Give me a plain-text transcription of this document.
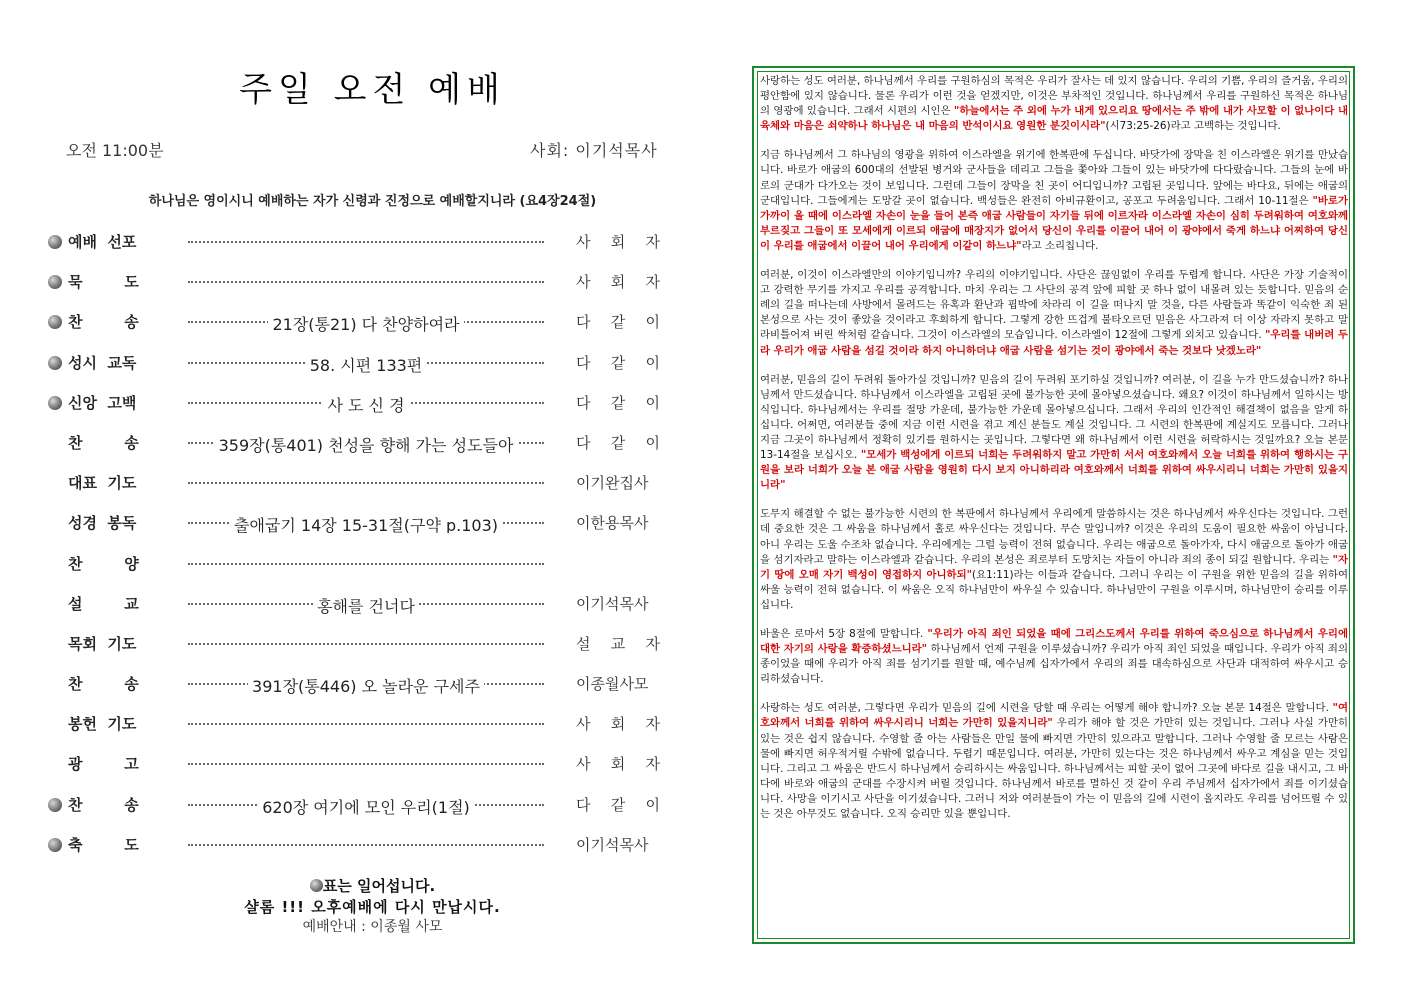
주일 오전 예배
오전 11:00분	사회: 이기석목사
하나님은 영이시니 예배하는 자가 신령과 진정으로 예배할지니라 (요4장24절)
예배  선포	사 회 자
묵        도	사 회 자
찬        송	21장(통21) 다 찬양하여라	다 같 이
성시  교독	58. 시편 133편	다 같 이
신앙  고백	사 도 신 경	다 같 이
찬        송	359장(통401) 천성을 향해 가는 성도들아	다 같 이
대표  기도	이기완집사
성경  봉독	출애굽기 14장 15-31절(구약 p.103)	이한용목사
찬        양
설        교	홍해를 건너다	이기석목사
목회  기도	설 교 자
찬        송	391장(통446) 오 놀라운 구세주	이종월사모
봉헌  기도	사 회 자
광        고	사 회 자
찬        송	620장 여기에 모인 우리(1절)	다 같 이
축        도	이기석목사
표는 일어섭니다.
샬롬 !!! 오후예배에 다시 만납시다.
예배안내 : 이종월 사모

사랑하는 성도 여러분, 하나님께서 우리를 구원하심의 목적은 우리가 잘사는 데 있지 않습니다. 우리의 기쁨, 우리의 즐거움, 우리의 평안함에 있지 않습니다. 물론 우리가 이런 것을 얻겠지만, 이것은 부차적인 것입니다. 하나님께서 우리를 구원하신 목적은 하나님의 영광에 있습니다. 그래서 시편의 시인은 "하늘에서는 주 외에 누가 내게 있으리요 땅에서는 주 밖에 내가 사모할 이 없나이다 내 육체와 마음은 쇠약하나 하나님은 내 마음의 반석이시요 영원한 분깃이시라"(시73:25-26)라고 고백하는 것입니다.

지금 하나님께서 그 하나님의 영광을 위하여 이스라엘을 위기에 한복판에 두십니다. 바닷가에 장막을 친 이스라엘은 위기를 만났습니다. 바로가 애굽의 600대의 선발된 병거와 군사들을 데리고 그들을 쫓아와 그들이 있는 바닷가에 다다랐습니다. 그들의 눈에 바로의 군대가 다가오는 것이 보입니다. 그런데 그들이 장막을 친 곳이 어디입니까? 고립된 곳입니다. 앞에는 바다요, 뒤에는 애굽의 군대입니다. 그들에게는 도망갈 곳이 없습니다. 백성들은 완전히 아비규환이고, 공포고 두려움입니다. 그래서 10-11절은 "바로가 가까이 올 때에 이스라엘 자손이 눈을 들어 본즉 애굽 사람들이 자기들 뒤에 이르자라 이스라엘 자손이 심히 두려워하여 여호와께 부르짖고 그들이 또 모세에게 이르되 애굽에 매장지가 없어서 당신이 우리를 이끌어 내어 이 광야에서 죽게 하느냐 어찌하여 당신이 우리를 애굽에서 이끌어 내어 우리에게 이같이 하느냐"라고 소리칩니다.

여러분, 이것이 이스라엘만의 이야기입니까? 우리의 이야기입니다. 사단은 끊임없이 우리를 두렵게 합니다. 사단은 가장 기술적이고 강력한 무기를 가지고 우리를 공격합니다. 마치 우리는 그 사단의 공격 앞에 피할 곳 하나 없이 내몰려 있는 듯합니다. 믿음의 순례의 길을 떠나는데 사방에서 몰려드는 유혹과 환난과 핍박에 차라리 이 길을 떠나지 말 것을, 다른 사람들과 똑같이 익숙한 죄 된 본성으로 사는 것이 좋았을 것이라고 후회하게 합니다. 그렇게 강한 뜨겁게 불타오르던 믿음은 사그라져 더 이상 자라지 못하고 말라비틀어져 버린 싹처럼 같습니다. 그것이 이스라엘의 모습입니다. 이스라엘이 12절에 그렇게 외치고 있습니다. "우리를 내버려 두라 우리가 애굽 사람을 섬길 것이라 하지 아니하더냐 애굽 사람을 섬기는 것이 광야에서 죽는 것보다 낫겠노라"

여러분, 믿음의 길이 두려워 돌아가실 것입니까? 믿음의 길이 두려워 포기하실 것입니까? 여러분, 이 길을 누가 만드셨습니까? 하나님께서 만드셨습니다. 하나님께서 이스라엘을 고립된 곳에 불가능한 곳에 몰아넣으셨습니다. 왜요? 이것이 하나님께서 일하시는 방식입니다. 하나님께서는 우리를 절망 가운데, 불가능한 가운데 몰아넣으십니다. 그래서 우리의 인간적인 해결책이 없음을 알게 하십니다. 어쩌면, 여러분들 중에 지금 이런 시련을 겪고 계신 분들도 계실 것입니다. 그 시련의 한복판에 계실지도 모릅니다. 그러나 지금 그곳이 하나님께서 정확히 있기를 원하시는 곳입니다. 그렇다면 왜 하나님께서 이런 시련을 허락하시는 것일까요? 오늘 본문 13-14절을 보십시오. "모세가 백성에게 이르되 너희는 두려워하지 말고 가만히 서서 여호와께서 오늘 너희를 위하여 행하시는 구원을 보라 너희가 오늘 본 애굽 사람을 영원히 다시 보지 아니하리라 여호와께서 너희를 위하여 싸우시리니 너희는 가만히 있을지니라"

도무지 해결할 수 없는 불가능한 시련의 한 복판에서 하나님께서 우리에게 말씀하시는 것은 하나님께서 싸우신다는 것입니다. 그런데 중요한 것은 그 싸움을 하나님께서 홀로 싸우신다는 것입니다. 무슨 말입니까? 이것은 우리의 도움이 필요한 싸움이 아닙니다. 아니 우리는 도울 수조차 없습니다. 우리에게는 그럴 능력이 전혀 없습니다. 우리는 애굽으로 돌아가자, 다시 애굽으로 돌아가 애굽을 섬기자라고 말하는 이스라엘과 같습니다. 우리의 본성은 죄로부터 도망치는 자들이 아니라 죄의 종이 되길 원합니다. 우리는 "자기 땅에 오매 자기 백성이 영접하지 아니하되"(요1:11)라는 이들과 같습니다. 그러니 우리는 이 구원을 위한 믿음의 길을 위하여 싸울 능력이 전혀 없습니다. 이 싸움은 오직 하나님만이 싸우실 수 있습니다. 하나님만이 구원을 이루시며, 하나님만이 승리를 이루십니다.

바울은 로마서 5장 8절에 말합니다. "우리가 아직 죄인 되었을 때에 그리스도께서 우리를 위하여 죽으심으로 하나님께서 우리에 대한 자기의 사랑을 확증하셨느니라" 하나님께서 언제 구원을 이루셨습니까? 우리가 아직 죄인 되었을 때입니다. 우리가 아직 죄의 종이었을 때에 우리가 아직 죄를 섬기기를 원할 때, 예수님께 십자가에서 우리의 죄를 대속하심으로 사단과 대적하여 싸우시고 승리하셨습니다.

사랑하는 성도 여러분, 그렇다면 우리가 믿음의 길에 시련을 당할 때 우리는 어떻게 해야 합니까? 오늘 본문 14절은 말합니다. "여호와께서 너희를 위하여 싸우시리니 너희는 가만히 있을지니라" 우리가 해야 할 것은 가만히 있는 것입니다. 그러나 사실 가만히 있는 것은 쉽지 않습니다. 수영할 줄 아는 사람들은 만일 물에 빠지면 가만히 있으라고 말합니다. 그러나 수영할 줄 모르는 사람은 물에 빠지면 허우적거릴 수밖에 없습니다. 두렵기 때문입니다. 여러분, 가만히 있는다는 것은 하나님께서 싸우고 계심을 믿는 것입니다. 그리고 그 싸움은 반드시 하나님께서 승리하시는 싸움입니다. 하나님께서는 피할 곳이 없어 그곳에 바다로 길을 내시고, 그 바다에 바로와 애굽의 군대를 수장시켜 버릴 것입니다. 하나님께서 바로를 멸하신 것 같이 우리 주님께서 십자가에서 죄를 이기셨습니다. 사망을 이기시고 사단을 이기셨습니다. 그러니 저와 여러분들이 가는 이 믿음의 길에 시련이 올지라도 우리를 넘어뜨릴 수 있는 것은 아무것도 없습니다. 오직 승리만 있을 뿐입니다.
